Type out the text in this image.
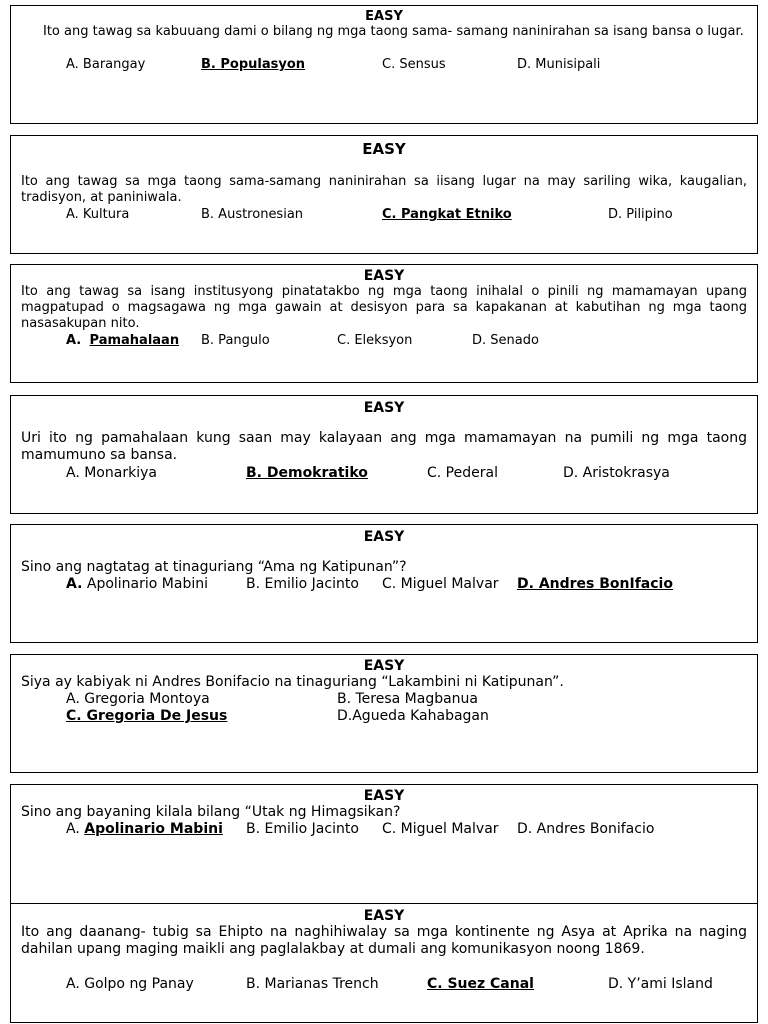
EASY
Ito ang tawag sa kabuuang dami o bilang ng mga taong sama- samang naninirahan sa isang bansa o lugar.
A. Barangay	B. Populasyon	C. Sensus	D. Munisipali
EASY
Ito ang tawag sa mga taong sama-samang naninirahan sa iisang lugar na may sariling wika, kaugalian, tradisyon, at paniniwala.
A. Kultura	B. Austronesian	C. Pangkat Etniko	D. Pilipino
EASY
Ito ang tawag sa isang institusyong pinatatakbo ng mga taong inihalal o pinili ng mamamayan upang magpatupad o magsagawa ng mga gawain at desisyon para sa kapakanan at kabutihan ng mga taong nasasakupan nito.
A. Pamahalaan B. Pangulo	C. Eleksyon	D. Senado
EASY
Uri ito ng pamahalaan kung saan may kalayaan ang mga mamamayan na pumili ng mga taong mamumuno sa bansa.
A. Monarkiya	B. Demokratiko	C. Pederal	D. Aristokrasya
EASY
Sino ang nagtatag at tinaguriang “Ama ng Katipunan”?
A. Apolinario Mabini	B. Emilio Jacinto C. Miguel Malvar D. Andres BonIfacio
EASY
Siya ay kabiyak ni Andres Bonifacio na tinaguriang “Lakambini ni Katipunan”.
A. Gregoria Montoya	B. Teresa Magbanua
C. Gregoria De Jesus	D.Agueda Kahabagan
EASY
Sino ang bayaning kilala bilang “Utak ng Himagsikan?
A. Apolinario Mabini B. Emilio Jacinto C. Miguel Malvar D. Andres Bonifacio
EASY
Ito ang daanang- tubig sa Ehipto na naghihiwalay sa mga kontinente ng Asya at Aprika na naging dahilan upang maging maikli ang paglalakbay at dumali ang komunikasyon noong 1869.
A. Golpo ng Panay	B. Marianas Trench	C. Suez Canal	D. Y’ami Island
